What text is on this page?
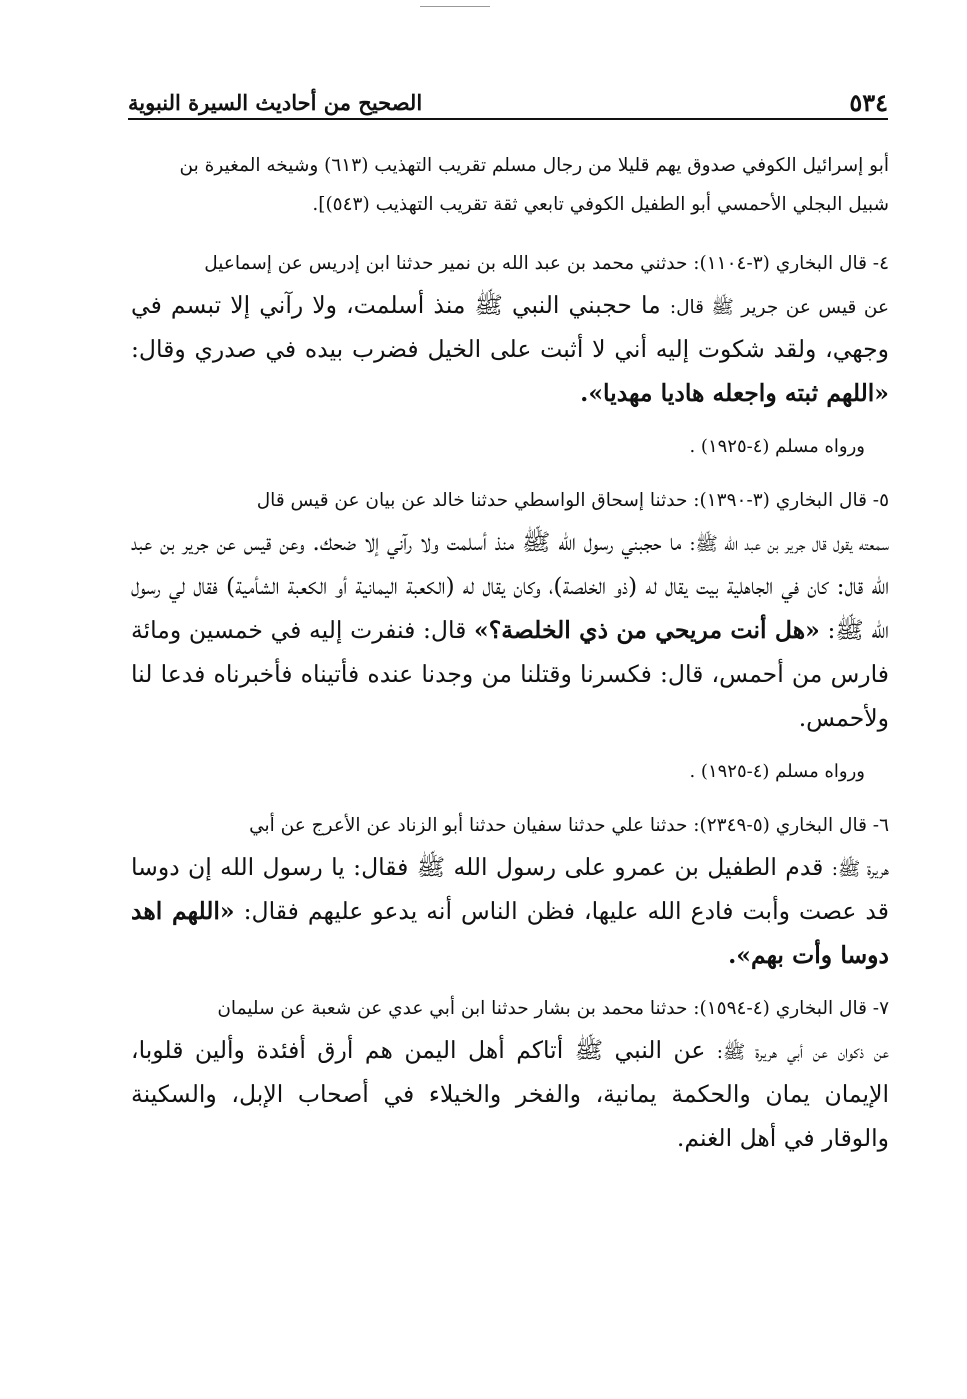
٥٣٤
الصحيح من أحاديث السيرة النبوية

أبو إسرائيل الكوفي صدوق يهم قليلا من رجال مسلم تقريب التهذيب (٦١٣) وشيخه المغيرة بن
شبيل البجلي الأحمسي أبو الطفيل الكوفي تابعي ثقة تقريب التهذيب (٥٤٣)].

٤- قال البخاري (٣-١١٠٤): حدثني محمد بن عبد الله بن نمير حدثنا ابن إدريس عن إسماعيل

عن قيس عن جرير ﷺ قال: ما حجبني النبي ﷺ منذ أسلمت، ولا رآني إلا تبسم في وجهي، ولقد شكوت إليه أني لا أثبت على الخيل فضرب بيده في صدري وقال: «اللهم ثبته واجعله هاديا مهديا».

ورواه مسلم (٤-١٩٢٥) .

٥- قال البخاري (٣-١٣٩٠): حدثنا إسحاق الواسطي حدثنا خالد عن بيان عن قيس قال

سمعته يقول قال جرير بن عبد الله ﷺ: ما حجبني رسول الله ﷺ منذ أسلمت ولا رآني إلا ضحك. وعن قيس عن جرير بن عبد الله قال: كان في الجاهلية بيت يقال له (ذو الخلصة)، وكان يقال له (الكعبة اليمانية أو الكعبة الشأمية) فقال لي رسول الله ﷺ: «هل أنت مريحي من ذي الخلصة؟» قال: فنفرت إليه في خمسين ومائة فارس من أحمس، قال: فكسرنا وقتلنا من وجدنا عنده فأتيناه فأخبرناه فدعا لنا ولأحمس.

ورواه مسلم (٤-١٩٢٥) .

٦- قال البخاري (٥-٢٣٤٩): حدثنا علي حدثنا سفيان حدثنا أبو الزناد عن الأعرج عن أبي

هريرة ﷺ: قدم الطفيل بن عمرو على رسول الله ﷺ فقال: يا رسول الله إن دوسا قد عصت وأبت فادع الله عليها، فظن الناس أنه يدعو عليهم فقال: «اللهم اهد دوسا وأت بهم».

٧- قال البخاري (٤-١٥٩٤): حدثنا محمد بن بشار حدثنا ابن أبي عدي عن شعبة عن سليمان

عن ذكوان عن أبي هريرة ﷺ: عن النبي ﷺ أتاكم أهل اليمن هم أرق أفئدة وألين قلوبا، الإيمان يمان والحكمة يمانية، والفخر والخيلاء في أصحاب الإبل، والسكينة والوقار في أهل الغنم.
